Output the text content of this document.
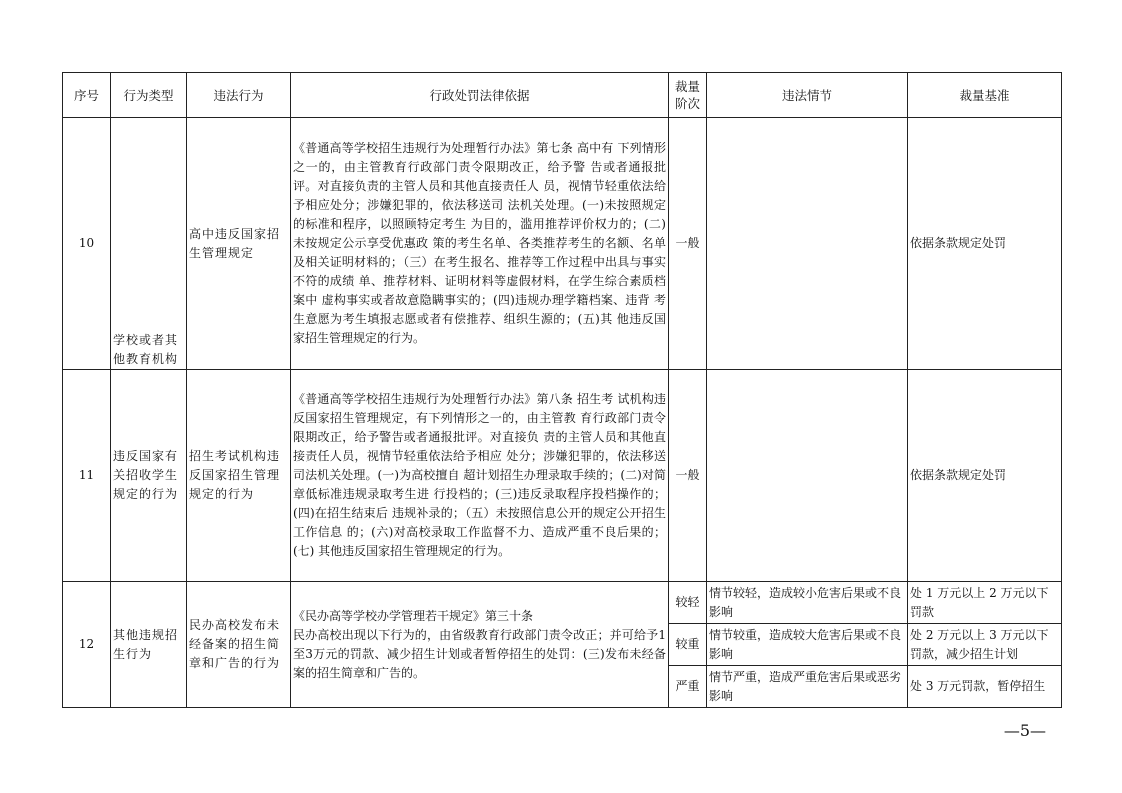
序号	行为类型	违法行为	行政处罚法律依据	裁量
阶次	违法情节	裁量基准
10	学校或者其他教育机构	高中违反国家招生管理规定	《普通高等学校招生违规行为处理暂行办法》第七条 高中有 下列情形之一的，由主管教育行政部门责令限期改正，给予警 告或者通报批评。对直接负责的主管人员和其他直接责任人 员，视情节轻重依法给予相应处分；涉嫌犯罪的，依法移送司 法机关处理。(一)未按照规定的标准和程序，以照顾特定考生 为目的，滥用推荐评价权力的；(二)未按规定公示享受优惠政 策的考生名单、各类推荐考生的名额、名单及相关证明材料的；（三）在考生报名、推荐等工作过程中出具与事实不符的成绩 单、推荐材料、证明材料等虚假材料，在学生综合素质档案中 虚构事实或者故意隐瞒事实的；(四)违规办理学籍档案、违背 考生意愿为考生填报志愿或者有偿推荐、组织生源的；(五)其 他违反国家招生管理规定的行为。	一般		依据条款规定处罚
11	违反国家有关招收学生规定的行为	招生考试机构违 反国家招生管理 规定的行为	《普通高等学校招生违规行为处理暂行办法》第八条 招生考 试机构违反国家招生管理规定，有下列情形之一的，由主管教 育行政部门责令限期改正，给予警告或者通报批评。对直接负 责的主管人员和其他直接责任人员，视情节轻重依法给予相应 处分；涉嫌犯罪的，依法移送司法机关处理。(一)为高校擅自 超计划招生办理录取手续的；(二)对简章低标准违规录取考生进 行投档的；(三)违反录取程序投档操作的；(四)在招生结束后 违规补录的；（五）未按照信息公开的规定公开招生工作信息 的；(六)对高校录取工作监督不力、造成严重不良后果的；(七) 其他违反国家招生管理规定的行为。	一般		依据条款规定处罚
12	其他违规招 生行为	民办高校发布未 经备案的招生简 章和广告的行为	《民办高等学校办学管理若干规定》第三十条
民办高校出现以下行为的，由省级教育行政部门责令改正；并可给予1至3万元的罚款、减少招生计划或者暂停招生的处罚：(三)发布未经备案的招生简章和广告的。	较轻	情节较轻，造成较小危害后果或不良影响	处 1 万元以上 2 万元以下罚款
				较重	情节较重，造成较大危害后果或不良影响	处 2 万元以上 3 万元以下罚款，减少招生计划
				严重	情节严重，造成严重危害后果或恶劣影响	处 3 万元罚款，暂停招生
—5—
